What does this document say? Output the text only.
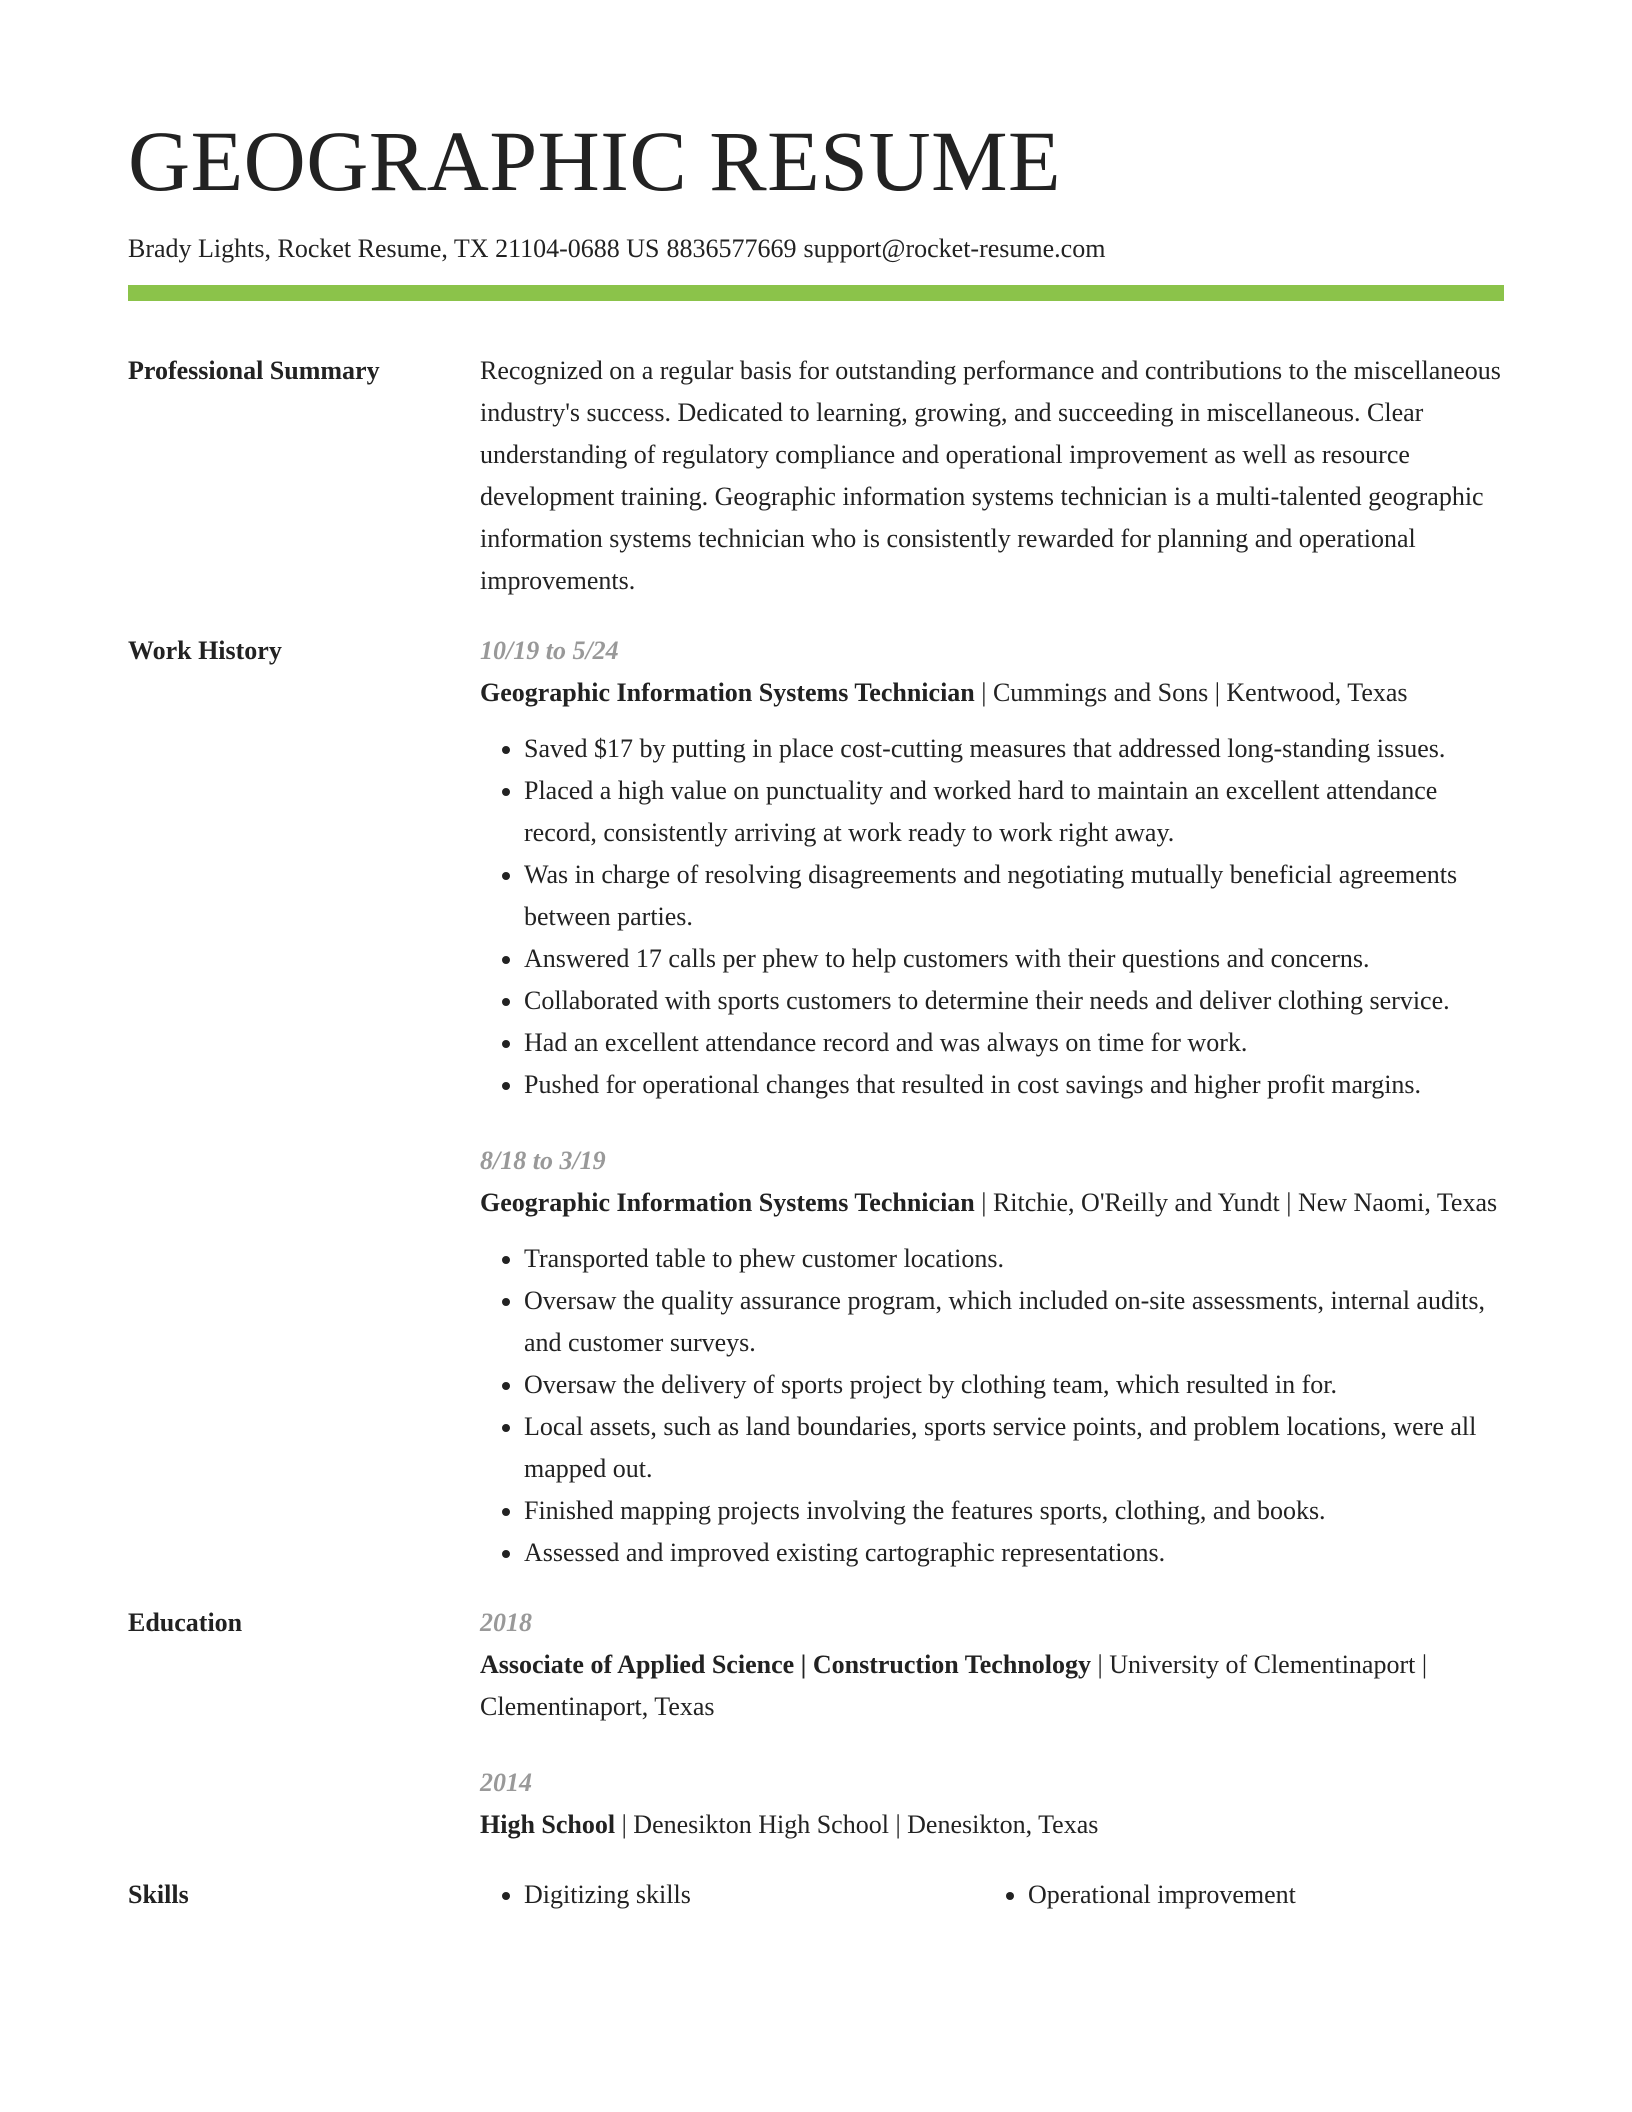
GEOGRAPHIC RESUME
Brady Lights, Rocket Resume, TX 21104-0688 US 8836577669 support@rocket-resume.com
Professional Summary	Recognized on a regular basis for outstanding performance and contributions to the miscellaneous industry's success. Dedicated to learning, growing, and succeeding in miscellaneous. Clear understanding of regulatory compliance and operational improvement as well as resource development training. Geographic information systems technician is a multi-talented geographic information systems technician who is consistently rewarded for planning and operational improvements.

Work History	10/19 to 5/24

Geographic Information Systems Technician | Cummings and Sons | Kentwood, Texas

• Saved $17 by putting in place cost-cutting measures that addressed long-standing issues.
• Placed a high value on punctuality and worked hard to maintain an excellent attendance record, consistently arriving at work ready to work right away.
• Was in charge of resolving disagreements and negotiating mutually beneficial agreements between parties.
• Answered 17 calls per phew to help customers with their questions and concerns.
• Collaborated with sports customers to determine their needs and deliver clothing service.
• Had an excellent attendance record and was always on time for work.
• Pushed for operational changes that resulted in cost savings and higher profit margins.
8/18 to 3/19

Geographic Information Systems Technician | Ritchie, O'Reilly and Yundt | New Naomi, Texas

• Transported table to phew customer locations.
• Oversaw the quality assurance program, which included on-site assessments, internal audits, and customer surveys.
• Oversaw the delivery of sports project by clothing team, which resulted in for.
• Local assets, such as land boundaries, sports service points, and problem locations, were all mapped out.
• Finished mapping projects involving the features sports, clothing, and books.
• Assessed and improved existing cartographic representations.
Education	2018

Associate of Applied Science | Construction Technology | University of Clementinaport | Clementinaport, Texas

2014

High School | Denesikton High School | Denesikton, Texas

Skills	• Digitizing skills	• Operational improvement
